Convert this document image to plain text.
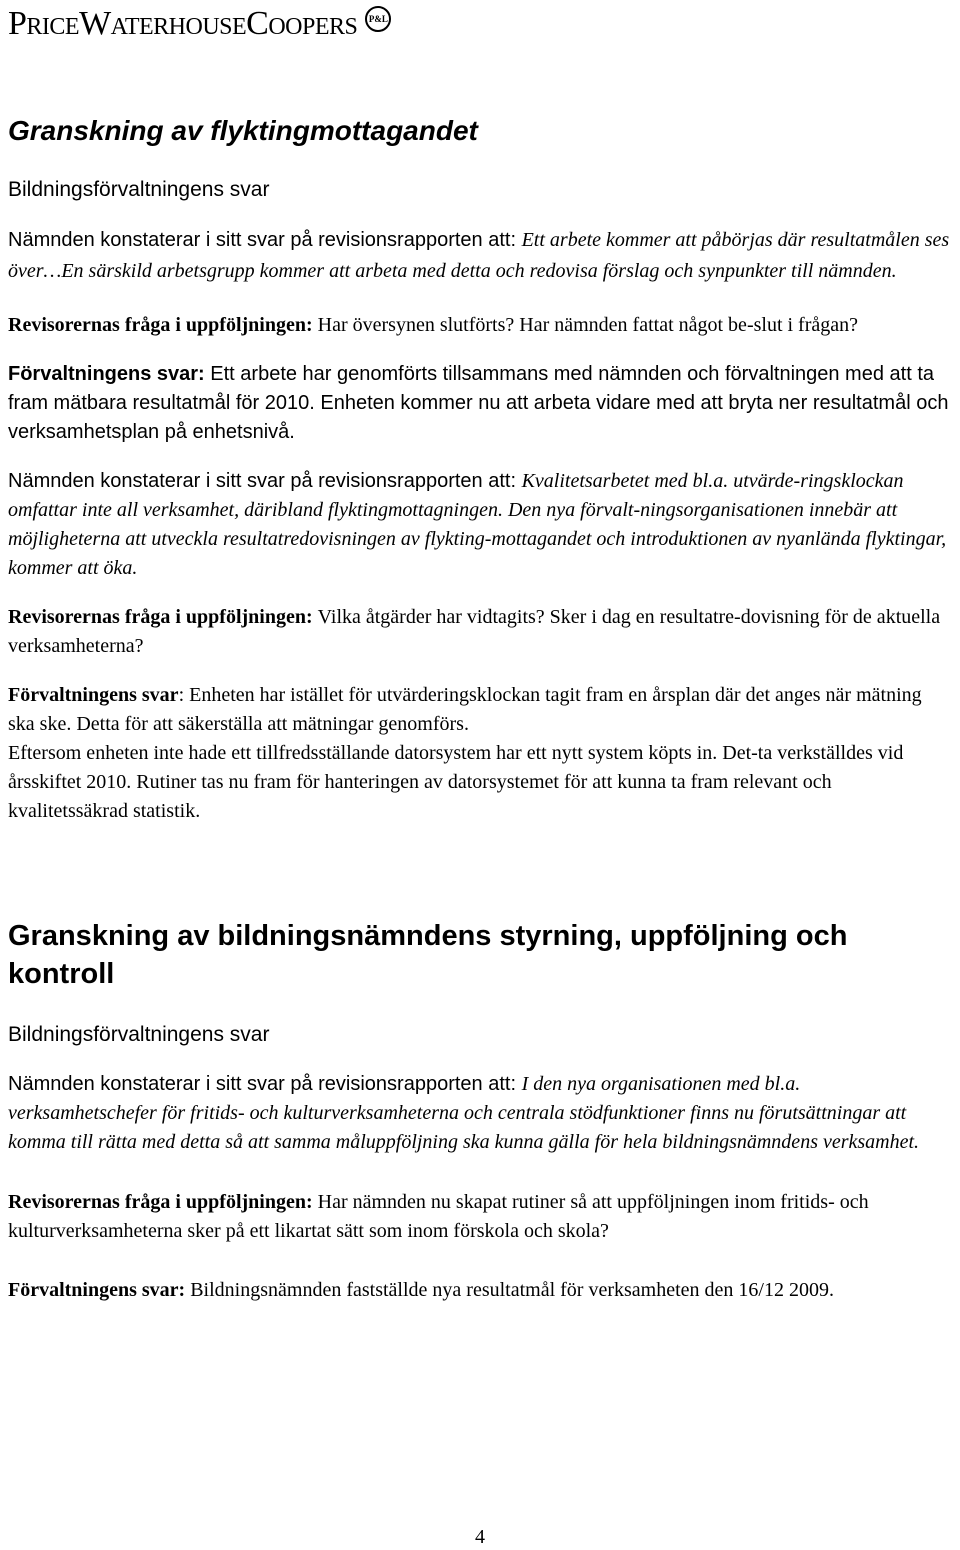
PriceWaterhouseCoopers P&L
Granskning av flyktingmottagandet
Bildningsförvaltningens svar

Nämnden konstaterar i sitt svar på revisionsrapporten att: Ett arbete kommer att påbörjas där resultatmålen ses över…En särskild arbetsgrupp kommer att arbeta med detta och redovisa förslag och synpunkter till nämnden.

Revisorernas fråga i uppföljningen: Har översynen slutförts? Har nämnden fattat något be-slut i frågan?

Förvaltningens svar: Ett arbete har genomförts tillsammans med nämnden och förvaltningen med att ta fram mätbara resultatmål för 2010. Enheten kommer nu att arbeta vidare med att bryta ner resultatmål och verksamhetsplan på enhetsnivå.

Nämnden konstaterar i sitt svar på revisionsrapporten att: Kvalitetsarbetet med bl.a. utvärde-ringsklockan omfattar inte all verksamhet, däribland flyktingmottagningen. Den nya förvalt-ningsorganisationen innebär att möjligheterna att utveckla resultatredovisningen av flykting-mottagandet och introduktionen av nyanlända flyktingar, kommer att öka.

Revisorernas fråga i uppföljningen: Vilka åtgärder har vidtagits? Sker i dag en resultatre-dovisning för de aktuella verksamheterna?

Förvaltningens svar: Enheten har istället för utvärderingsklockan tagit fram en årsplan där det anges när mätning ska ske. Detta för att säkerställa att mätningar genomförs.

Eftersom enheten inte hade ett tillfredsställande datorsystem har ett nytt system köpts in. Det-ta verkställdes vid årsskiftet 2010. Rutiner tas nu fram för hanteringen av datorsystemet för att kunna ta fram relevant och kvalitetssäkrad statistik.

Granskning av bildningsnämndens styrning, uppföljning och kontroll
Bildningsförvaltningens svar

Nämnden konstaterar i sitt svar på revisionsrapporten att: I den nya organisationen med bl.a. verksamhetschefer för fritids- och kulturverksamheterna och centrala stödfunktioner finns nu förutsättningar att komma till rätta med detta så att samma måluppföljning ska kunna gälla för hela bildningsnämndens verksamhet.

Revisorernas fråga i uppföljningen: Har nämnden nu skapat rutiner så att uppföljningen inom fritids- och kulturverksamheterna sker på ett likartat sätt som inom förskola och skola?

Förvaltningens svar: Bildningsnämnden fastställde nya resultatmål för verksamheten den 16/12 2009.

4
